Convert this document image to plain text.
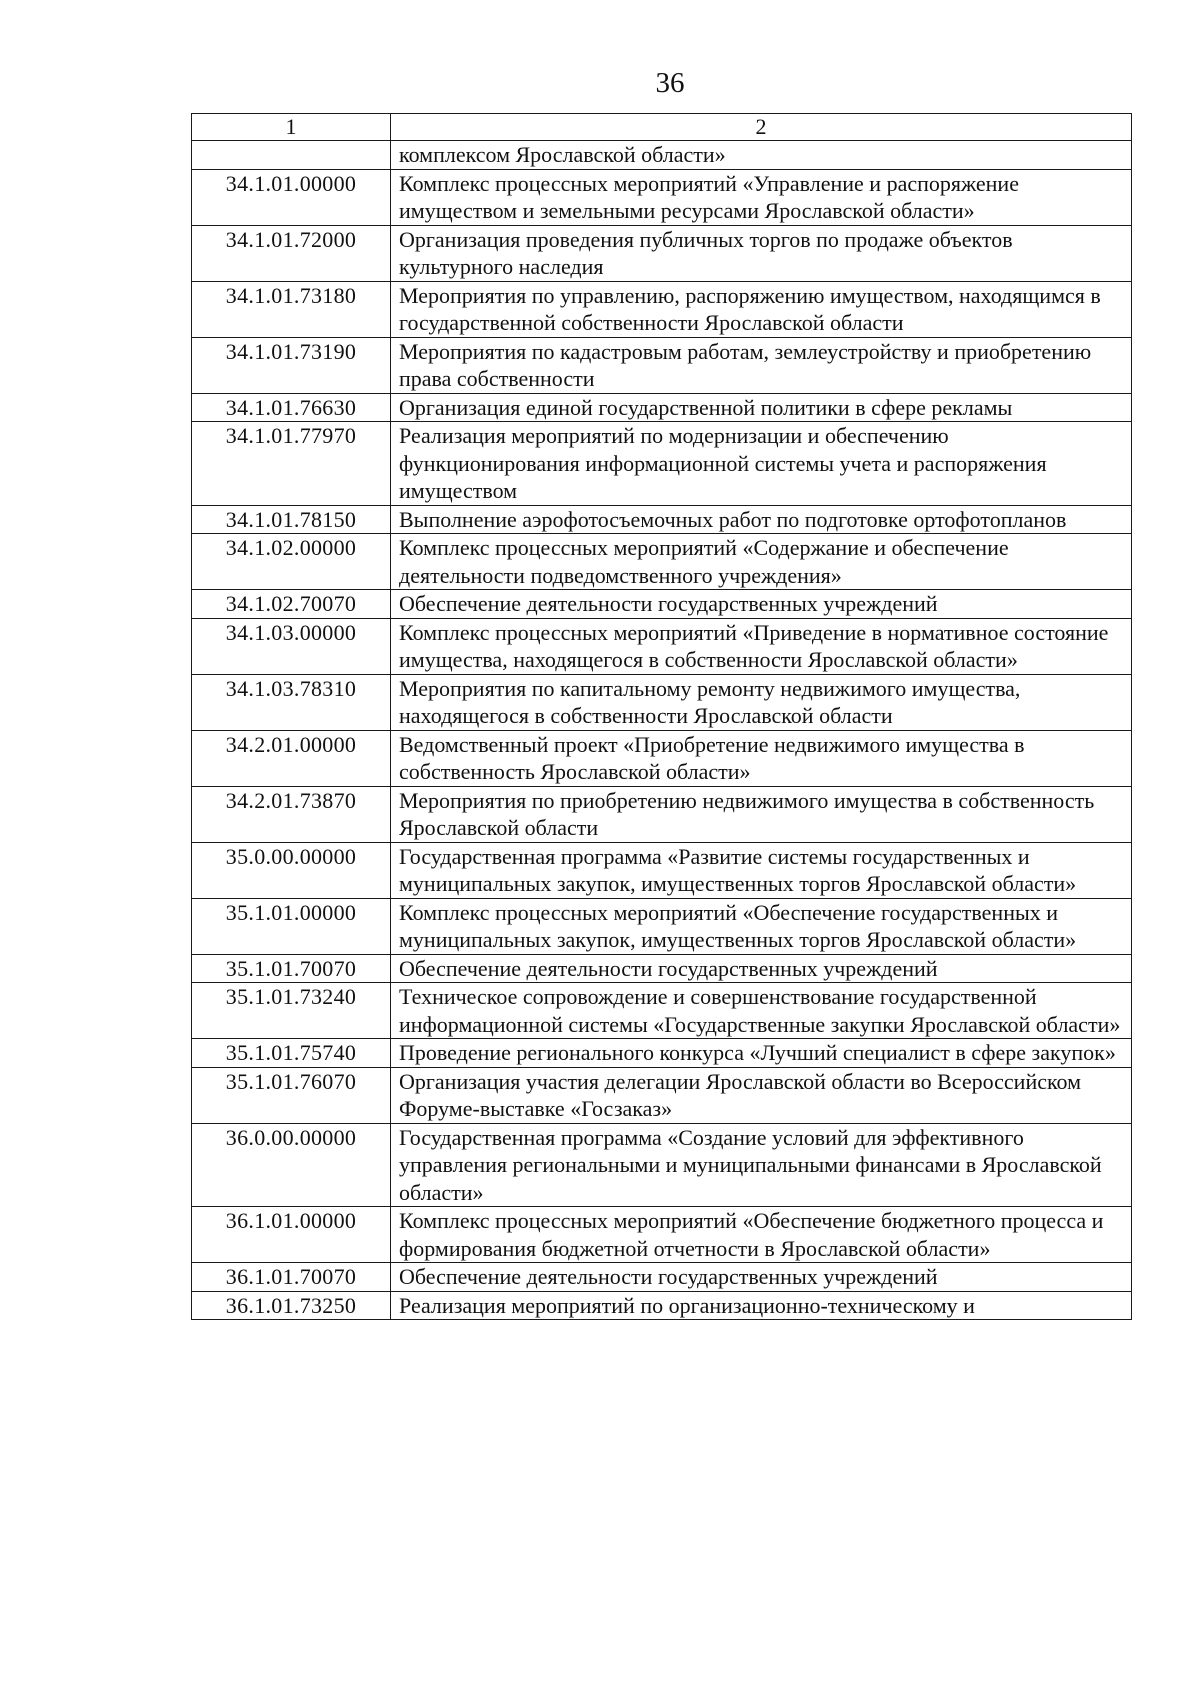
36
1	2
	комплексом Ярославской области»
34.1.01.00000	Комплекс процессных мероприятий «Управление и распоряжение имуществом и земельными ресурсами Ярославской области»
34.1.01.72000	Организация проведения публичных торгов по продаже объектов культурного наследия
34.1.01.73180	Мероприятия по управлению, распоряжению имуществом, находящимся в государственной собственности Ярославской области
34.1.01.73190	Мероприятия по кадастровым работам, землеустройству и приобретению права собственности
34.1.01.76630	Организация единой государственной политики в сфере рекламы
34.1.01.77970	Реализация мероприятий по модернизации и обеспечению функционирования информационной системы учета и распоряжения имуществом
34.1.01.78150	Выполнение аэрофотосъемочных работ по подготовке ортофотопланов
34.1.02.00000	Комплекс процессных мероприятий «Содержание и обеспечение деятельности подведомственного учреждения»
34.1.02.70070	Обеспечение деятельности государственных учреждений
34.1.03.00000	Комплекс процессных мероприятий «Приведение в нормативное состояние имущества, находящегося в собственности Ярославской области»
34.1.03.78310	Мероприятия по капитальному ремонту недвижимого имущества, находящегося в собственности Ярославской области
34.2.01.00000	Ведомственный проект «Приобретение недвижимого имущества в собственность Ярославской области»
34.2.01.73870	Мероприятия по приобретению недвижимого имущества в собственность Ярославской области
35.0.00.00000	Государственная программа «Развитие системы государственных и муниципальных закупок, имущественных торгов Ярославской области»
35.1.01.00000	Комплекс процессных мероприятий «Обеспечение государственных и муниципальных закупок, имущественных торгов Ярославской области»
35.1.01.70070	Обеспечение деятельности государственных учреждений
35.1.01.73240	Техническое сопровождение и совершенствование государственной информационной системы «Государственные закупки Ярославской области»
35.1.01.75740	Проведение регионального конкурса «Лучший специалист в сфере закупок»
35.1.01.76070	Организация участия делегации Ярославской области во Всероссийском Форуме-выставке «Госзаказ»
36.0.00.00000	Государственная программа «Создание условий для эффективного управления региональными и муниципальными финансами в Ярославской области»
36.1.01.00000	Комплекс процессных мероприятий «Обеспечение бюджетного процесса и формирования бюджетной отчетности в Ярославской области»
36.1.01.70070	Обеспечение деятельности государственных учреждений
36.1.01.73250	Реализация мероприятий по организационно-техническому и
